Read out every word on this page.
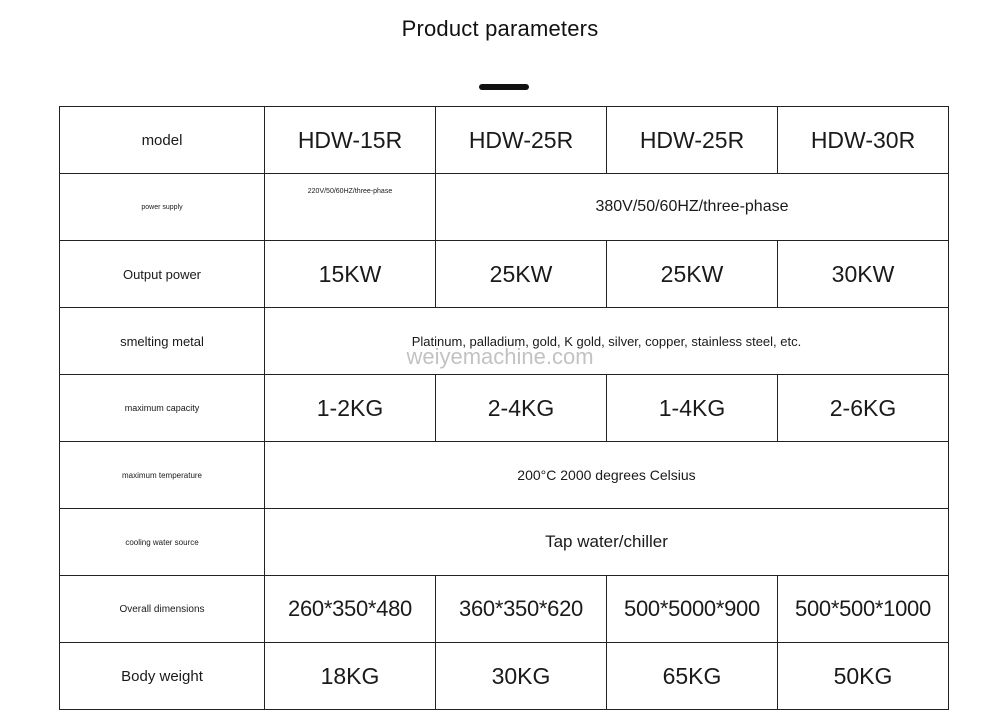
Product parameters
model	HDW-15R	HDW-25R	HDW-25R	HDW-30R
power supply	220V/50/60HZ/three-phase	380V/50/60HZ/three-phase		
Output power	15KW	25KW	25KW	30KW
smelting metal	Platinum, palladium, gold, K gold, silver, copper, stainless steel, etc.			
maximum capacity	1-2KG	2-4KG	1-4KG	2-6KG
maximum temperature	200°C 2000 degrees Celsius			
cooling water source	Tap water/chiller			
Overall dimensions	260*350*480	360*350*620	500*5000*900	500*500*1000
Body weight	18KG	30KG	65KG	50KG
weiyemachine.com
